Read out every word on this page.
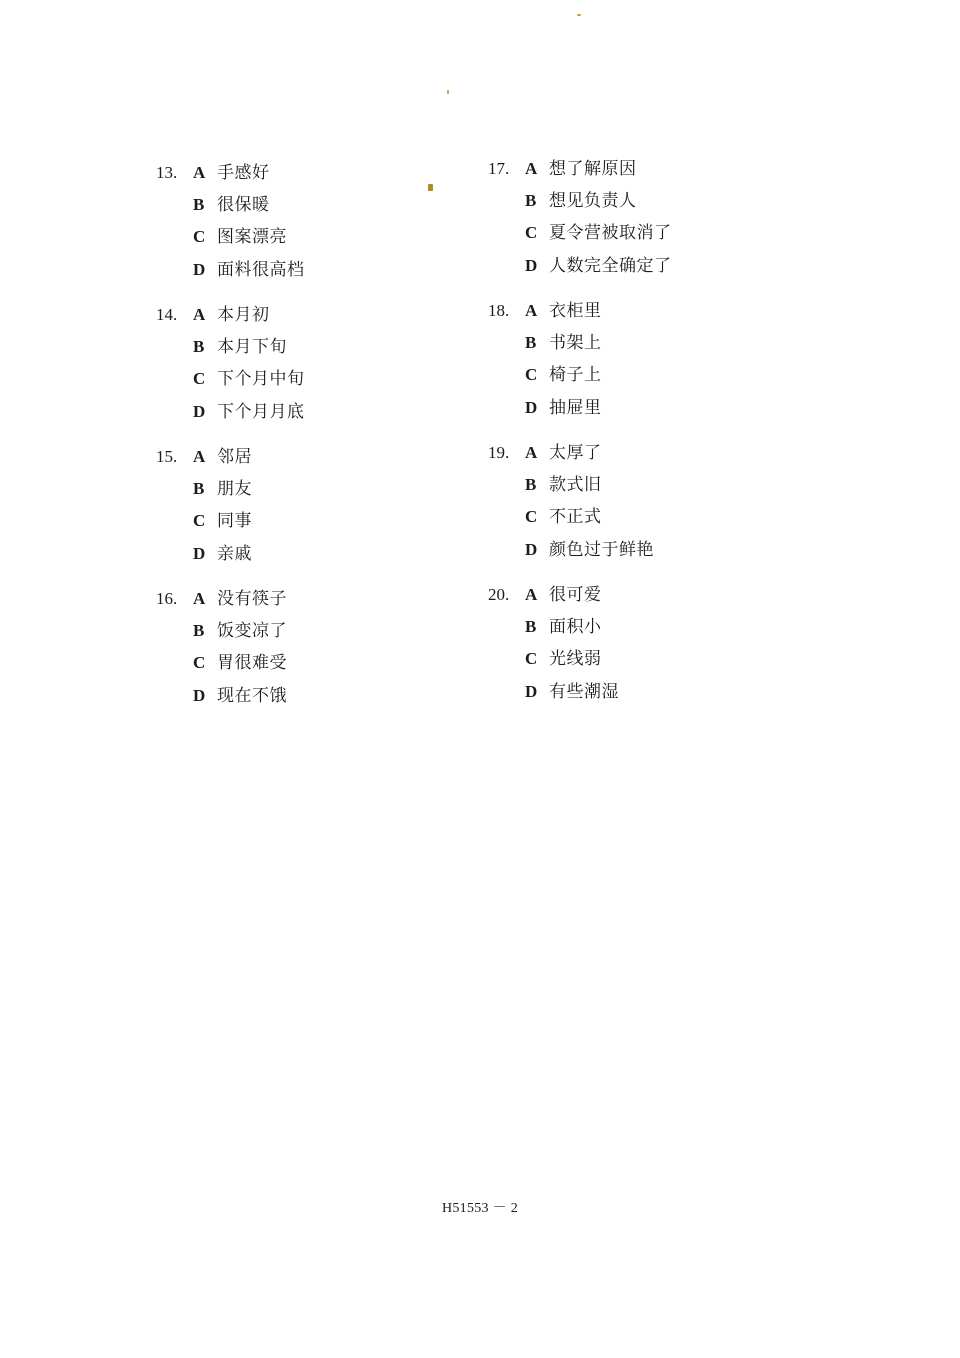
13. A 手感好
B 很保暖
C 图案漂亮
D 面料很高档
14. A 本月初
B 本月下旬
C 下个月中旬
D 下个月月底
15. A 邻居
B 朋友
C 同事
D 亲戚
16. A 没有筷子
B 饭变凉了
C 胃很难受
D 现在不饿
17. A 想了解原因
B 想见负责人
C 夏令营被取消了
D 人数完全确定了
18. A 衣柜里
B 书架上
C 椅子上
D 抽屉里
19. A 太厚了
B 款式旧
C 不正式
D 颜色过于鲜艳
20. A 很可爱
B 面积小
C 光线弱
D 有些潮湿
H51553 － 2
